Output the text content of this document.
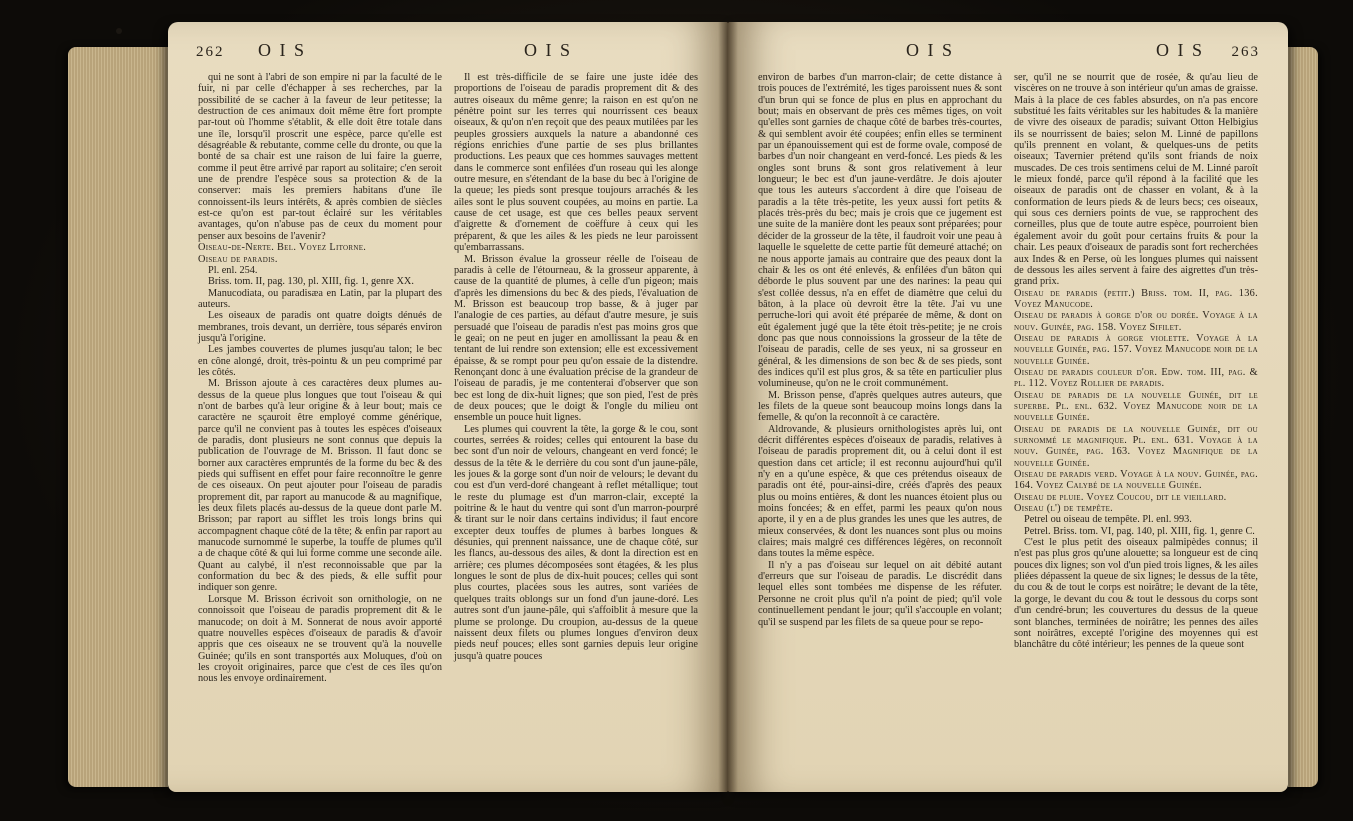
262 O I S	O I S

qui ne sont à l'abri de son empire ni par la faculté de le fuir, ni par celle d'échapper à ses recherches, par la possibilité de se cacher à la faveur de leur petitesse; la destruction de ces animaux doit même être fort prompte par-tout où l'homme s'établit, & elle doit être totale dans une île, lorsqu'il proscrit une espèce, parce qu'elle est désagréable & rebutante, comme celle du dronte, ou que la bonté de sa chair est une raison de lui faire la guerre, comme il peut être arrivé par raport au solitaire; c'en seroit une de prendre l'espèce sous sa protection & de la conserver: mais les premiers habitans d'une île connoissent-ils leurs intérêts, & après combien de siècles est-ce qu'on est par-tout éclairé sur les véritables avantages, qu'on n'abuse pas de ceux du moment pour penser aux besoins de l'avenir?

Oiseau-de-Nerte. Bel. Voyez Litorne.

Oiseau de paradis.

Pl. enl. 254.

Briss. tom. II, pag. 130, pl. XIII, fig. 1, genre XX.

Manucodiata, ou paradisæa en Latin, par la plupart des auteurs.

Les oiseaux de paradis ont quatre doigts dénués de membranes, trois devant, un derrière, tous séparés environ jusqu'à l'origine.

Les jambes couvertes de plumes jusqu'au talon; le bec en cône alongé, droit, très-pointu & un peu comprimé par les côtés.

M. Brisson ajoute à ces caractères deux plumes au-dessus de la queue plus longues que tout l'oiseau & qui n'ont de barbes qu'à leur origine & à leur bout; mais ce caractère ne sçauroit être employé comme générique, parce qu'il ne convient pas à toutes les espèces d'oiseaux de paradis, dont plusieurs ne sont connus que depuis la publication de l'ouvrage de M. Brisson. Il faut donc se borner aux caractères empruntés de la forme du bec & des pieds qui suffisent en effet pour faire reconnoître le genre de ces oiseaux. On peut ajouter pour l'oiseau de paradis proprement dit, par raport au manucode & au magnifique, les deux filets placés au-dessus de la queue dont parle M. Brisson; par raport au sifflet les trois longs brins qui accompagnent chaque côté de la tête; & enfin par raport au manucode surnommé le superbe, la touffe de plumes qu'il a de chaque côté & qui lui forme comme une seconde aile. Quant au calybé, il n'est reconnoissable que par la conformation du bec & des pieds, & elle suffit pour indiquer son genre.

Lorsque M. Brisson écrivoit son ornithologie, on ne connoissoit que l'oiseau de paradis proprement dit & le manucode; on doit à M. Sonnerat de nous avoir apporté quatre nouvelles espèces d'oiseaux de paradis & d'avoir appris que ces oiseaux ne se trouvent qu'à la nouvelle Guinée; qu'ils en sont transportés aux Moluques, d'où on les croyoit originaires, parce que c'est de ces îles qu'on nous les envoye ordinairement.

Il est très-difficile de se faire une juste idée des proportions de l'oiseau de paradis proprement dit & des autres oiseaux du même genre; la raison en est qu'on ne pénètre point sur les terres qui nourrissent ces beaux oiseaux, & qu'on n'en reçoit que des peaux mutilées par les peuples grossiers auxquels la nature a abandonné ces régions enrichies d'une partie de ses plus brillantes productions. Les peaux que ces hommes sauvages mettent dans le commerce sont enfilées d'un roseau qui les alonge outre mesure, en s'étendant de la base du bec à l'origine de la queue; les pieds sont presque toujours arrachés & les ailes sont le plus souvent coupées, au moins en partie. La cause de cet usage, est que ces belles peaux servent d'aigrette & d'ornement de coëffure à ceux qui les préparent, & que les ailes & les pieds ne leur paroissent qu'embarrassans.

M. Brisson évalue la grosseur réelle de l'oiseau de paradis à celle de l'étourneau, & la grosseur apparente, à cause de la quantité de plumes, à celle d'un pigeon; mais d'après les dimensions du bec & des pieds, l'évaluation de M. Brisson est beaucoup trop basse, & à juger par l'analogie de ces parties, au défaut d'autre mesure, je suis persuadé que l'oiseau de paradis n'est pas moins gros que le geai; on ne peut en juger en amollissant la peau & en tentant de lui rendre son extension; elle est excessivement épaisse, & se rompt pour peu qu'on essaie de la distendre. Renonçant donc à une évaluation précise de la grandeur de l'oiseau de paradis, je me contenterai d'observer que son bec est long de dix-huit lignes; que son pied, l'est de près de deux pouces; que le doigt & l'ongle du milieu ont ensemble un pouce huit lignes.

Les plumes qui couvrent la tête, la gorge & le cou, sont courtes, serrées & roides; celles qui entourent la base du bec sont d'un noir de velours, changeant en verd foncé; le dessus de la tête & le derrière du cou sont d'un jaune-pâle, les joues & la gorge sont d'un noir de velours; le devant du cou est d'un verd-doré changeant à reflet métallique; tout le reste du plumage est d'un marron-clair, excepté la poitrine & le haut du ventre qui sont d'un marron-pourpré & tirant sur le noir dans certains individus; il faut encore excepter deux touffes de plumes à barbes longues & désunies, qui prennent naissance, une de chaque côté, sur les flancs, au-dessous des ailes, & dont la direction est en arrière; ces plumes décomposées sont étagées, & les plus longues le sont de plus de dix-huit pouces; celles qui sont plus courtes, placées sous les autres, sont variées de quelques traits oblongs sur un fond d'un jaune-doré. Les autres sont d'un jaune-pâle, qui s'affoiblit à mesure que la plume se prolonge. Du croupion, au-dessus de la queue naissent deux filets ou plumes longues d'environ deux pieds neuf pouces; elles sont garnies depuis leur origine jusqu'à quatre pouces

O I S	O I S 263

environ de barbes d'un marron-clair; de cette distance à trois pouces de l'extrémité, les tiges paroissent nues & sont d'un brun qui se fonce de plus en plus en approchant du bout; mais en observant de près ces mêmes tiges, on voit qu'elles sont garnies de chaque côté de barbes très-courtes, & qui semblent avoir été coupées; enfin elles se terminent par un épanouissement qui est de forme ovale, composé de barbes d'un noir changeant en verd-foncé. Les pieds & les ongles sont bruns & sont gros relativement à leur longueur; le bec est d'un jaune-verdâtre. Je dois ajouter que tous les auteurs s'accordent à dire que l'oiseau de paradis a la tête très-petite, les yeux aussi fort petits & placés très-près du bec; mais je crois que ce jugement est une suite de la manière dont les peaux sont préparées; pour décider de la grosseur de la tête, il faudroit voir une peau à laquelle le squelette de cette partie fût demeuré attaché; on ne nous apporte jamais au contraire que des peaux dont la chair & les os ont été enlevés, & enfilées d'un bâton qui déborde le plus souvent par une des narines: la peau qui s'est collée dessus, n'a en effet de diamètre que celui du bâton, à la place où devroit être la tête. J'ai vu une perruche-lori qui avoit été préparée de même, & dont on eût également jugé que la tête étoit très-petite; je ne crois donc pas que nous connoissions la grosseur de la tête de l'oiseau de paradis, celle de ses yeux, ni sa grosseur en général, & les dimensions de son bec & de ses pieds, sont des indices qu'il est plus gros, & sa tête en particulier plus volumineuse, qu'on ne le croit communément.

M. Brisson pense, d'après quelques autres auteurs, que les filets de la queue sont beaucoup moins longs dans la femelle, & qu'on la reconnoît à ce caractère.

Aldrovande, & plusieurs ornithologistes après lui, ont décrit différentes espèces d'oiseaux de paradis, relatives à l'oiseau de paradis proprement dit, ou à celui dont il est question dans cet article; il est reconnu aujourd'hui qu'il n'y en a qu'une espèce, & que ces prétendus oiseaux de paradis ont été, pour-ainsi-dire, créés d'après des peaux plus ou moins entières, & dont les nuances étoient plus ou moins foncées; & en effet, parmi les peaux qu'on nous aporte, il y en a de plus grandes les unes que les autres, de mieux conservées, & dont les nuances sont plus ou moins claires; mais malgré ces différences légères, on reconnoît dans toutes la même espèce.

Il n'y a pas d'oiseau sur lequel on ait débité autant d'erreurs que sur l'oiseau de paradis. Le discrédit dans lequel elles sont tombées me dispense de les réfuter. Personne ne croit plus qu'il n'a point de pied; qu'il vole continuellement pendant le jour; qu'il s'accouple en volant; qu'il se suspend par les filets de sa queue pour se repo-

ser, qu'il ne se nourrit que de rosée, & qu'au lieu de viscères on ne trouve à son intérieur qu'un amas de graisse. Mais à la place de ces fables absurdes, on n'a pas encore substitué les faits véritables sur les habitudes & la manière de vivre des oiseaux de paradis; suivant Otton Helbigius ils se nourrissent de baies; selon M. Linné de papillons qu'ils prennent en volant, & quelques-uns de petits oiseaux; Tavernier prétend qu'ils sont friands de noix muscades. De ces trois sentimens celui de M. Linné paroît le mieux fondé, parce qu'il répond à la facilité que les oiseaux de paradis ont de chasser en volant, & à la conformation de leurs pieds & de leurs becs; ces oiseaux, qui sous ces derniers points de vue, se rapprochent des corneilles, plus que de toute autre espèce, pourroient bien également avoir du goût pour certains fruits & pour la chair. Les peaux d'oiseaux de paradis sont fort recherchées aux Indes & en Perse, où les longues plumes qui naissent de dessous les ailes servent à faire des aigrettes d'un très-grand prix.

Oiseau de paradis (petit.) Briss. tom. II, pag. 136. Voyez Manucode.

Oiseau de paradis à gorge d'or ou dorée. Voyage à la nouv. Guinée, pag. 158. Voyez Sifilet.

Oiseau de paradis à gorge violette. Voyage à la nouvelle Guinée, pag. 157. Voyez Manucode noir de la nouvelle Guinée.

Oiseau de paradis couleur d'or. Edw. tom. III, pag. & pl. 112. Voyez Rollier de paradis.

Oiseau de paradis de la nouvelle Guinée, dit le superbe. Pl. enl. 632. Voyez Manucode noir de la nouvelle Guinée.

Oiseau de paradis de la nouvelle Guinée, dit ou surnommé le magnifique. Pl. enl. 631. Voyage à la nouv. Guinée, pag. 163. Voyez Magnifique de la nouvelle Guinée.

Oiseau de paradis verd. Voyage à la nouv. Guinée, pag. 164. Voyez Calybé de la nouvelle Guinée.

Oiseau de pluie. Voyez Coucou, dit le vieillard.

Oiseau (l') de tempête.

Petrel ou oiseau de tempête. Pl. enl. 993.

Petrel. Briss. tom. VI, pag. 140, pl. XIII, fig. 1, genre C.

C'est le plus petit des oiseaux palmipèdes connus; il n'est pas plus gros qu'une alouette; sa longueur est de cinq pouces dix lignes; son vol d'un pied trois lignes, & les ailes pliées dépassent la queue de six lignes; le dessus de la tête, du cou & de tout le corps est noirâtre; le devant de la tête, la gorge, le devant du cou & tout le dessous du corps sont d'un cendré-brun; les couvertures du dessus de la queue sont blanches, terminées de noirâtre; les pennes des ailes sont noirâtres, excepté l'origine des moyennes qui est blanchâtre du côté intérieur; les pennes de la queue sont
